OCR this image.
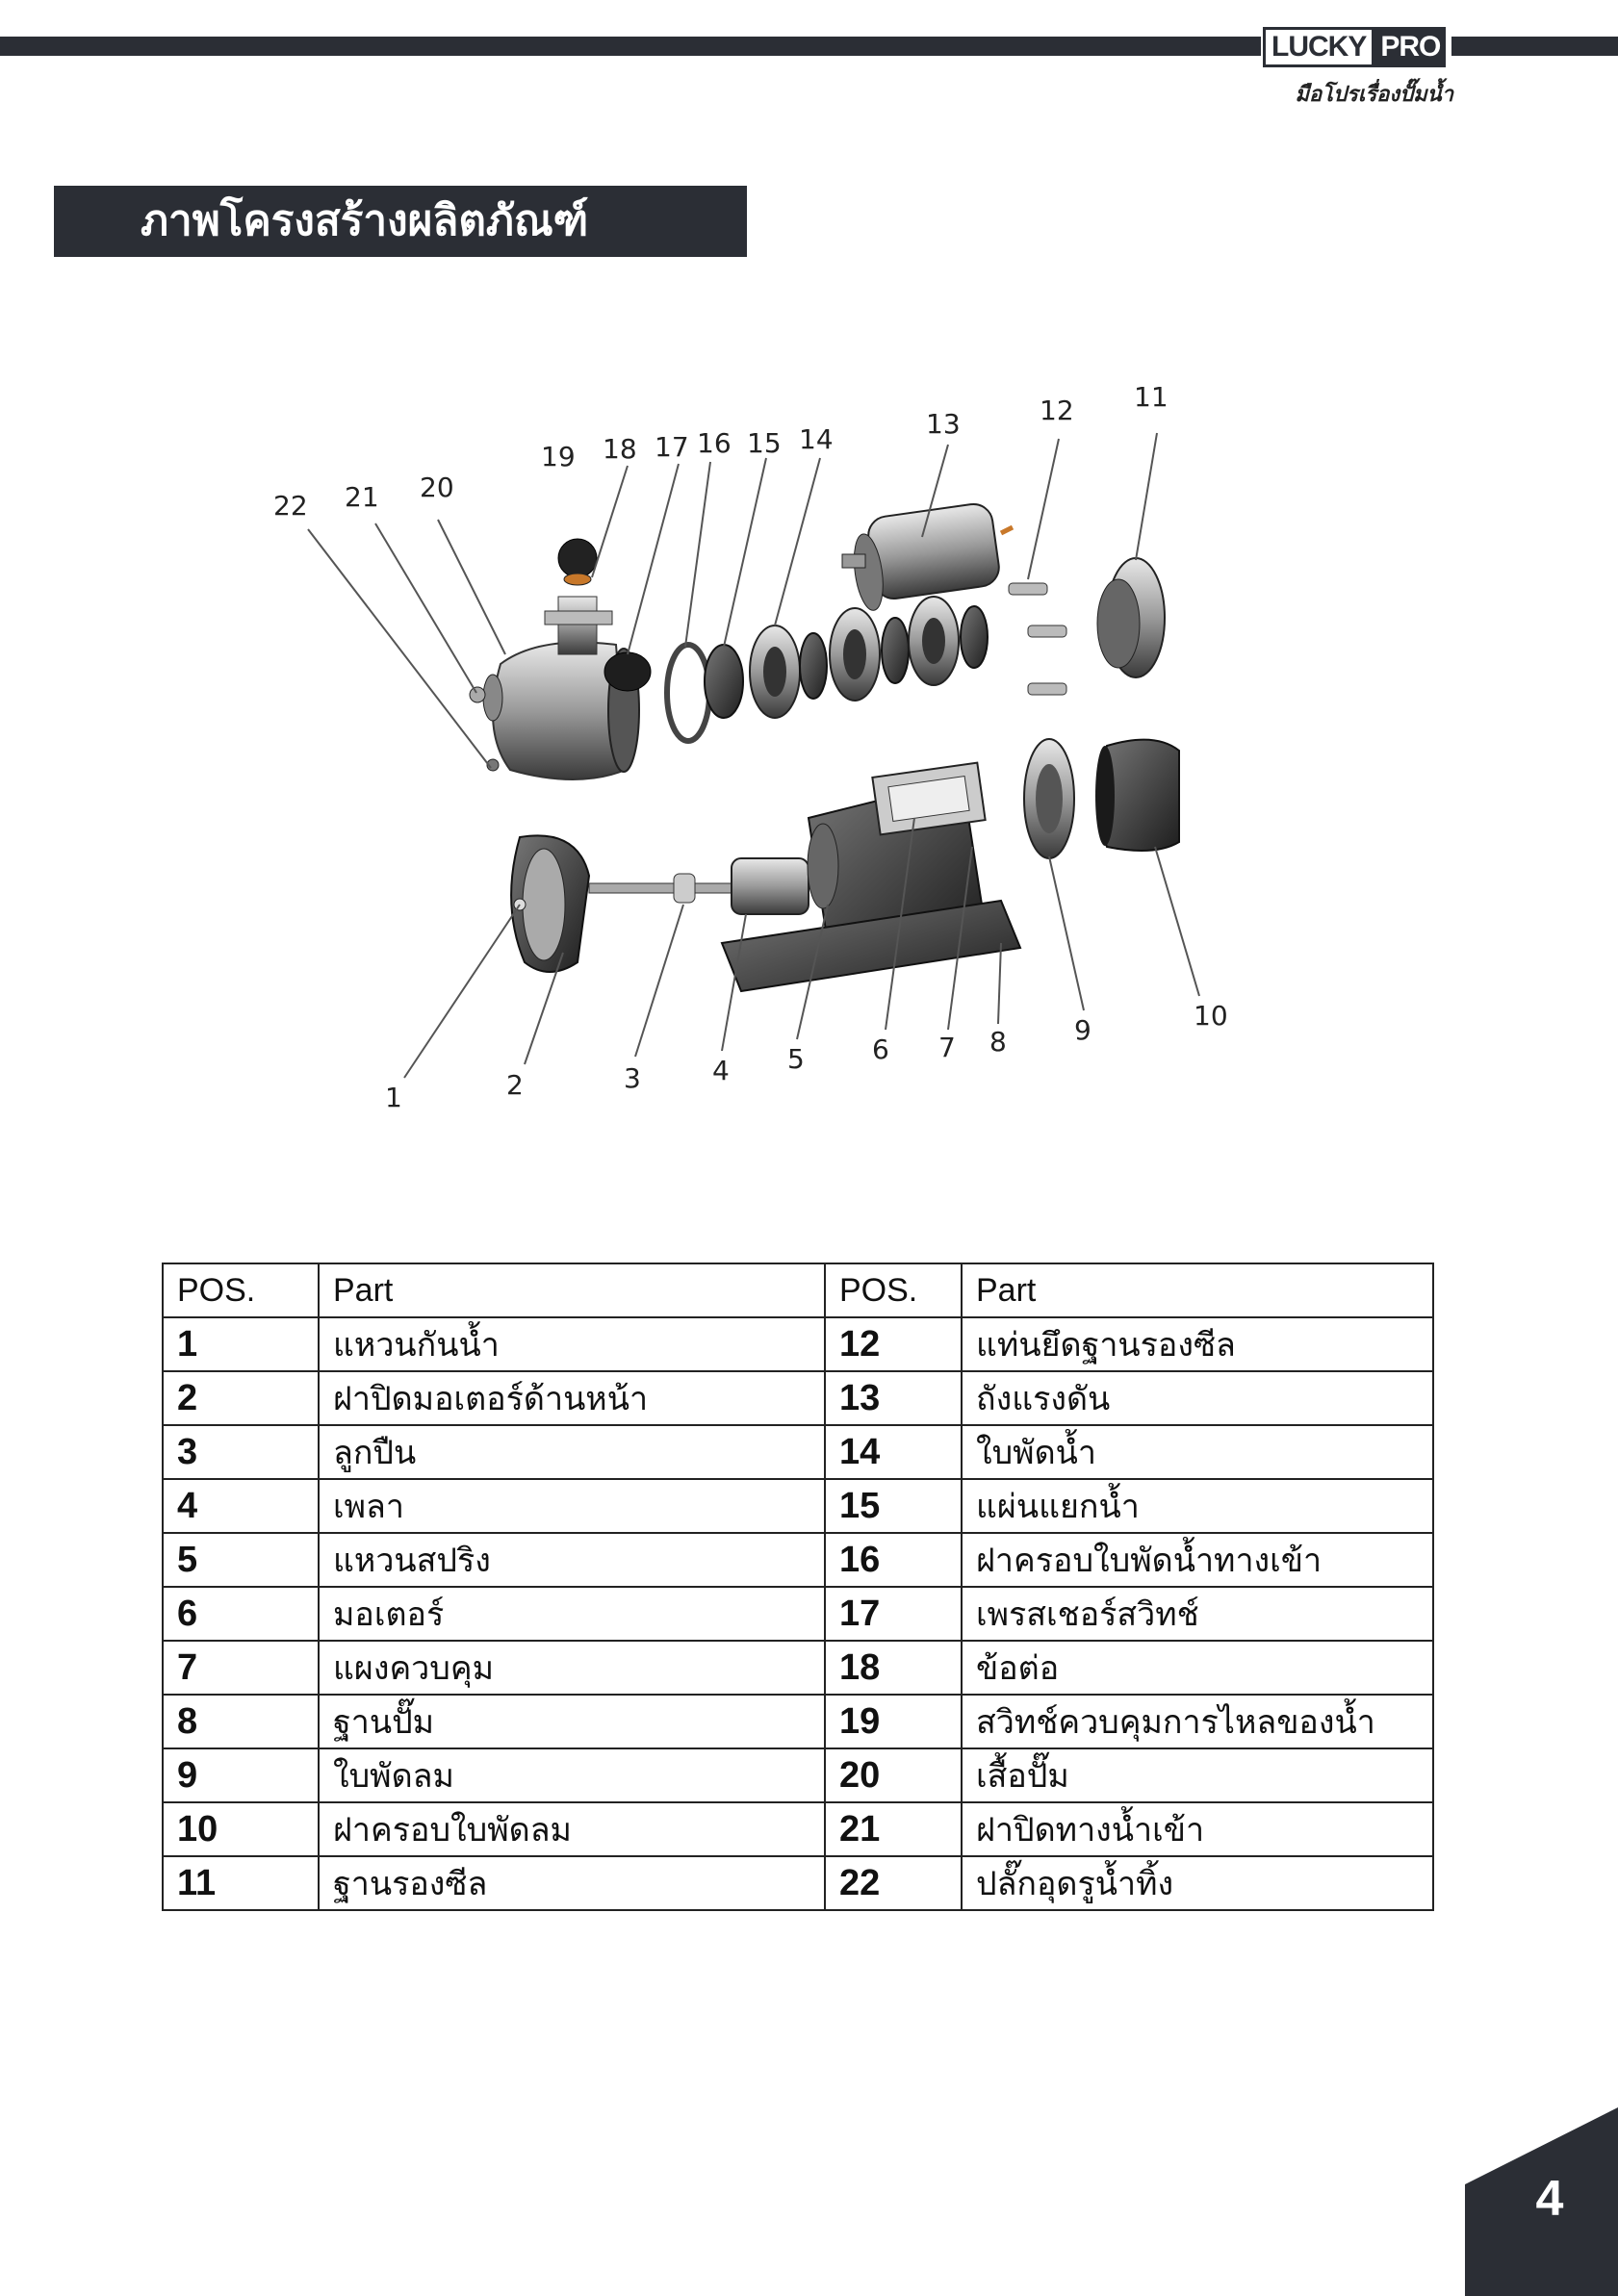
LUCKY PRO
มือโปรเรื่องปั๊มน้ำ
ภาพโครงสร้างผลิตภัณฑ์
1	2	3	4 5	6 7 8	9	10
11
12
13
14
15
16
17
18
19
20
21
22
POS.	Part	POS.	Part
1	แหวนกันน้ำ	12	แท่นยึดฐานรองซีล
2	ฝาปิดมอเตอร์ด้านหน้า	13	ถังแรงดัน
3	ลูกปืน	14	ใบพัดน้ำ
4	เพลา	15	แผ่นแยกน้ำ
5	แหวนสปริง	16	ฝาครอบใบพัดน้ำทางเข้า
6	มอเตอร์	17	เพรสเชอร์สวิทช์
7	แผงควบคุม	18	ข้อต่อ
8	ฐานปั๊ม	19	สวิทช์ควบคุมการไหลของน้ำ
9	ใบพัดลม	20	เสื้อปั๊ม
10	ฝาครอบใบพัดลม	21	ฝาปิดทางน้ำเข้า
11	ฐานรองซีล	22	ปลั๊กอุดรูน้ำทิ้ง
4
